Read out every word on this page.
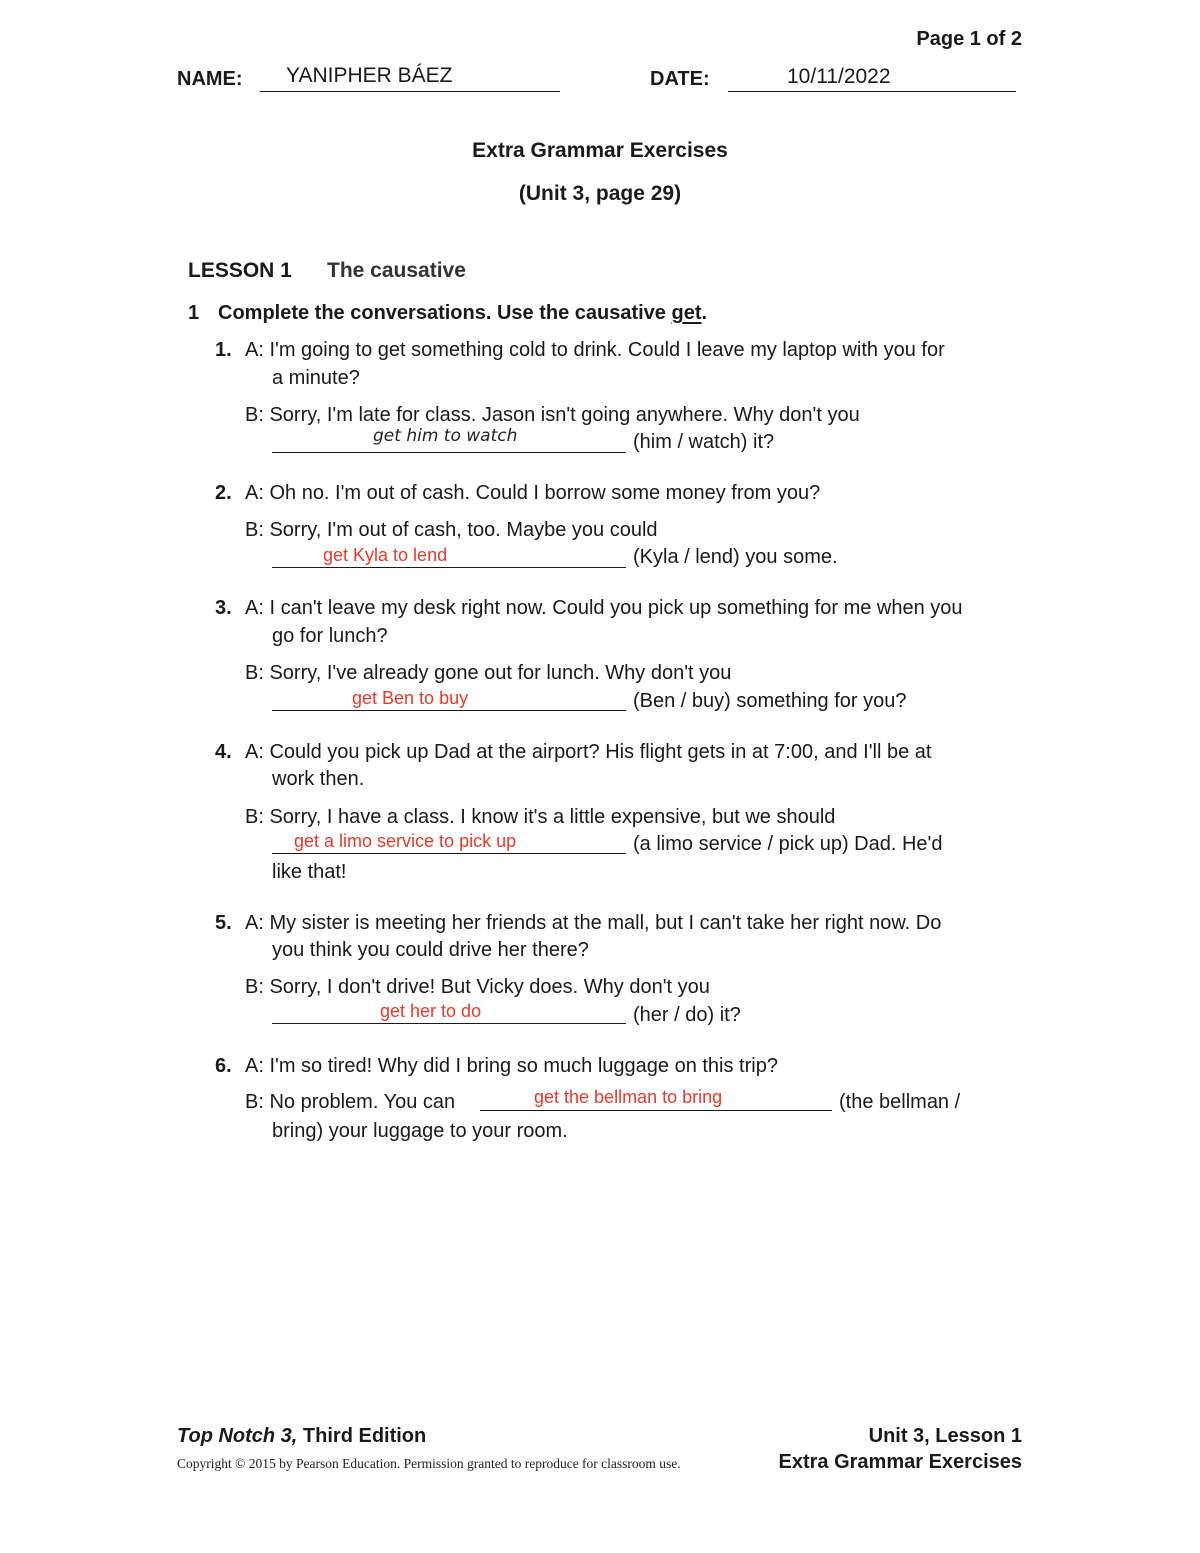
Page 1 of 2
NAME: YANIPHER BÁEZ	DATE:	10/11/2022
Extra Grammar Exercises
(Unit 3, page 29)
LESSON 1 The causative
1 Complete the conversations. Use the causative get.
1. A: I'm going to get something cold to drink. Could I leave my laptop with you for
a minute?
B: Sorry, I'm late for class. Jason isn't going anywhere. Why don't you
get him to watch	(him / watch) it?
2. A: Oh no. I'm out of cash. Could I borrow some money from you?
B: Sorry, I'm out of cash, too. Maybe you could
get Kyla to lend	(Kyla / lend) you some.
3. A: I can't leave my desk right now. Could you pick up something for me when you
go for lunch?
B: Sorry, I've already gone out for lunch. Why don't you
get Ben to buy	(Ben / buy) something for you?
4. A: Could you pick up Dad at the airport? His flight gets in at 7:00, and I'll be at
work then.
B: Sorry, I have a class. I know it's a little expensive, but we should
get a limo service to pick up	(a limo service / pick up) Dad. He'd
like that!
5. A: My sister is meeting her friends at the mall, but I can't take her right now. Do
you think you could drive her there?
B: Sorry, I don't drive! But Vicky does. Why don't you
get her to do	(her / do) it?
6. A: I'm so tired! Why did I bring so much luggage on this trip?
B: No problem. You can	get the bellman to bring	(the bellman /
bring) your luggage to your room.
Top Notch 3, Third Edition
Copyright © 2015 by Pearson Education. Permission granted to reproduce for classroom use.
Unit 3, Lesson 1
Extra Grammar Exercises
